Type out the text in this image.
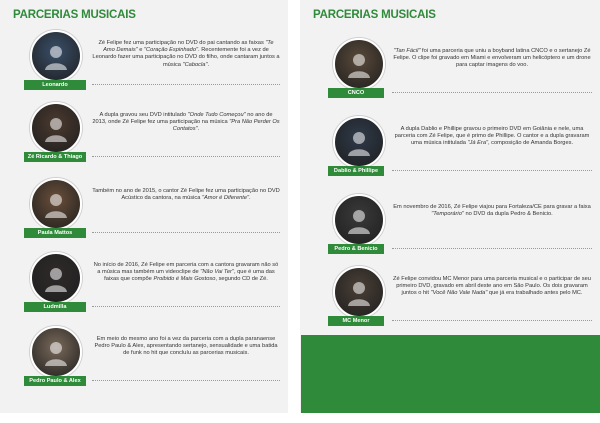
PARCERIAS MUSICAIS
Leonardo
Zé Felipe fez uma participação no DVD do pai cantando as faixas "Te Amo Demais" e "Coração Espinhado". Recentemente foi a vez de Leonardo fazer uma participação no DVD do filho, onde cantaram juntos a música "Cabocla".
Zé Ricardo & Thiago
A dupla gravou seu DVD intitulado "Onde Tudo Começou" no ano de 2013, onde Zé Felipe fez uma participação na música "Pra Não Perder Os Contatos".
Paula Mattos
Também no ano de 2015, o cantor Zé Felipe fez uma participação no DVD Acústico da cantora, na música "Amor é Diferente".
Ludmilla
No início de 2016, Zé Felipe em parceria com a cantora gravaram não só a música mas também um videoclipe de "Não Vai Ter", que é uma das faixas que compõe Proibido é Mais Gostoso, segundo CD de Zé.
Pedro Paulo & Alex
Em meio do mesmo ano foi a vez da parceria com a dupla paranaense Pedro Paulo & Alex, apresentando sertanejo, sensualidade e uma batida de funk no hit que concluíu as parcerias musicais.
PARCERIAS MUSICAIS
CNCO
"Tan Fácil" foi uma parceria que uniu a boyband latina CNCO e o sertanejo Zé Felipe. O clipe foi gravado em Miami e envolveram um helicóptero e um drone para captar imagens do voo.
Dablio & Phillipe
A dupla Dablio e Phillipe gravou o primeiro DVD em Goiânia e nele, uma parceria com Zé Felipe, que é primo de Phillipe. O cantor e a dupla gravaram uma música intitulada "Já Era", composição de Amanda Borges.
Pedro & Benicio
Em novembro de 2016, Zé Felipe viajou para Fortaleza/CE para gravar a faixa "Temporário" no DVD da dupla Pedro & Benicio.
MC Menor
Zé Felipe convidou MC Menor para uma parceria musical e o participar de seu primeiro DVD, gravado em abril deste ano em São Paulo. Os dois gravaram juntos o hit "Você Não Vale Nada" que já era trabalhado antes pelo MC.
